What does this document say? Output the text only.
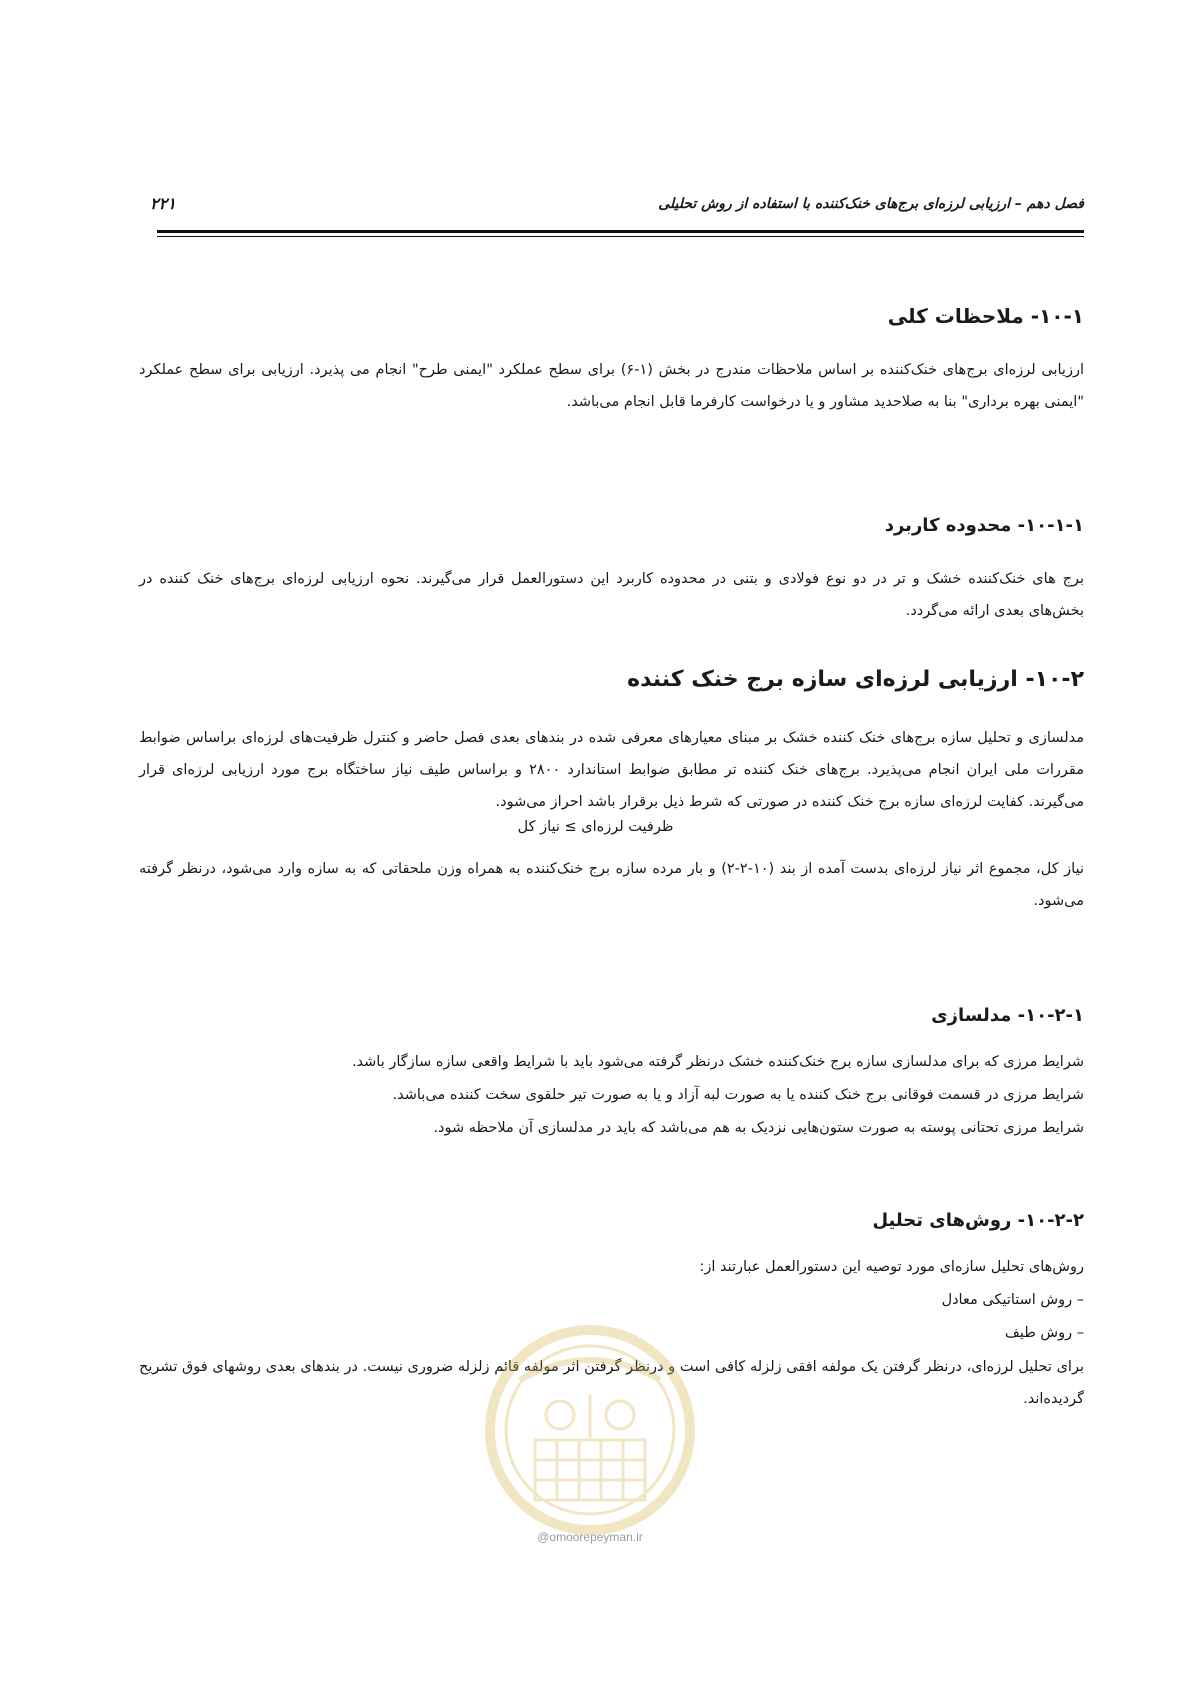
فصل دهم – ارزیابی لرزه‌ای برج‌های خنک‌کننده با استفاده از روش تحلیلی
۲۲۱
۱۰-۱- ملاحظات کلی
ارزیابی لرزه‌ای برج‌های خنک‌کننده بر اساس ملاحظات مندرج در بخش (۱-۶) برای سطح عملکرد "ایمنی طرح" انجام می پذیرد. ارزیابی برای سطح عملکرد "ایمنی بهره برداری" بنا به صلاحدید مشاور و یا درخواست کارفرما قابل انجام می‌باشد.
۱۰-۱-۱- محدوده کاربرد
برج های خنک‌کننده خشک و تر در دو نوع فولادی و بتنی در محدوده کاربرد این دستورالعمل قرار می‌گیرند. نحوه ارزیابی لرزه‌ای برج‌های خنک کننده در بخش‌های بعدی ارائه می‌گردد.
۱۰-۲- ارزیابی لرزه‌ای سازه برج خنک کننده
مدلسازی و تحلیل سازه برج‌های خنک کننده خشک بر مبنای معیارهای معرفی شده در بندهای بعدی فصل حاضر و کنترل ظرفیت‌های لرزه‌ای براساس ضوابط مقررات ملی ایران انجام می‌پذیرد. برج‌های خنک کننده تر مطابق ضوابط استاندارد ۲۸۰۰ و براساس طیف نیاز ساختگاه برج مورد ارزیابی لرزه‌ای قرار می‌گیرند. کفایت لرزه‌ای سازه برج خنک کننده در صورتی که شرط ذیل برقرار باشد احراز می‌شود.
ظرفیت لرزه‌ای ≥ نیاز کل
نیاز کل، مجموع اثر نیاز لرزه‌ای بدست آمده از بند (۱۰-۲-۲) و بار مرده سازه برج خنک‌کننده به همراه وزن ملحقاتی که به سازه وارد می‌شود، درنظر گرفته می‌شود.
۱۰-۲-۱- مدلسازی
شرایط مرزی که برای مدلسازی سازه برج خنک‌کننده خشک درنظر گرفته می‌شود باید با شرایط واقعی سازه سازگار باشد.
شرایط مرزی در قسمت فوقانی برج خنک کننده یا به صورت لبه آزاد و یا به صورت تیر حلقوی سخت کننده می‌باشد.
شرایط مرزی تحتانی پوسته به صورت ستون‌هایی نزدیک به هم می‌باشد که باید در مدلسازی آن ملاحظه شود.
۱۰-۲-۲- روش‌های تحلیل
روش‌های تحلیل سازه‌ای مورد توصیه این دستورالعمل عبارتند از:
– روش استاتیکی معادل
– روش طیف
برای تحلیل لرزه‌ای، درنظر گرفتن یک مولفه افقی زلزله کافی است و درنظر گرفتن اثر مولفه قائم زلزله ضروری نیست. در بندهای بعدی روشهای فوق تشریح گردیده‌اند.
@omoorepeyman.ir
